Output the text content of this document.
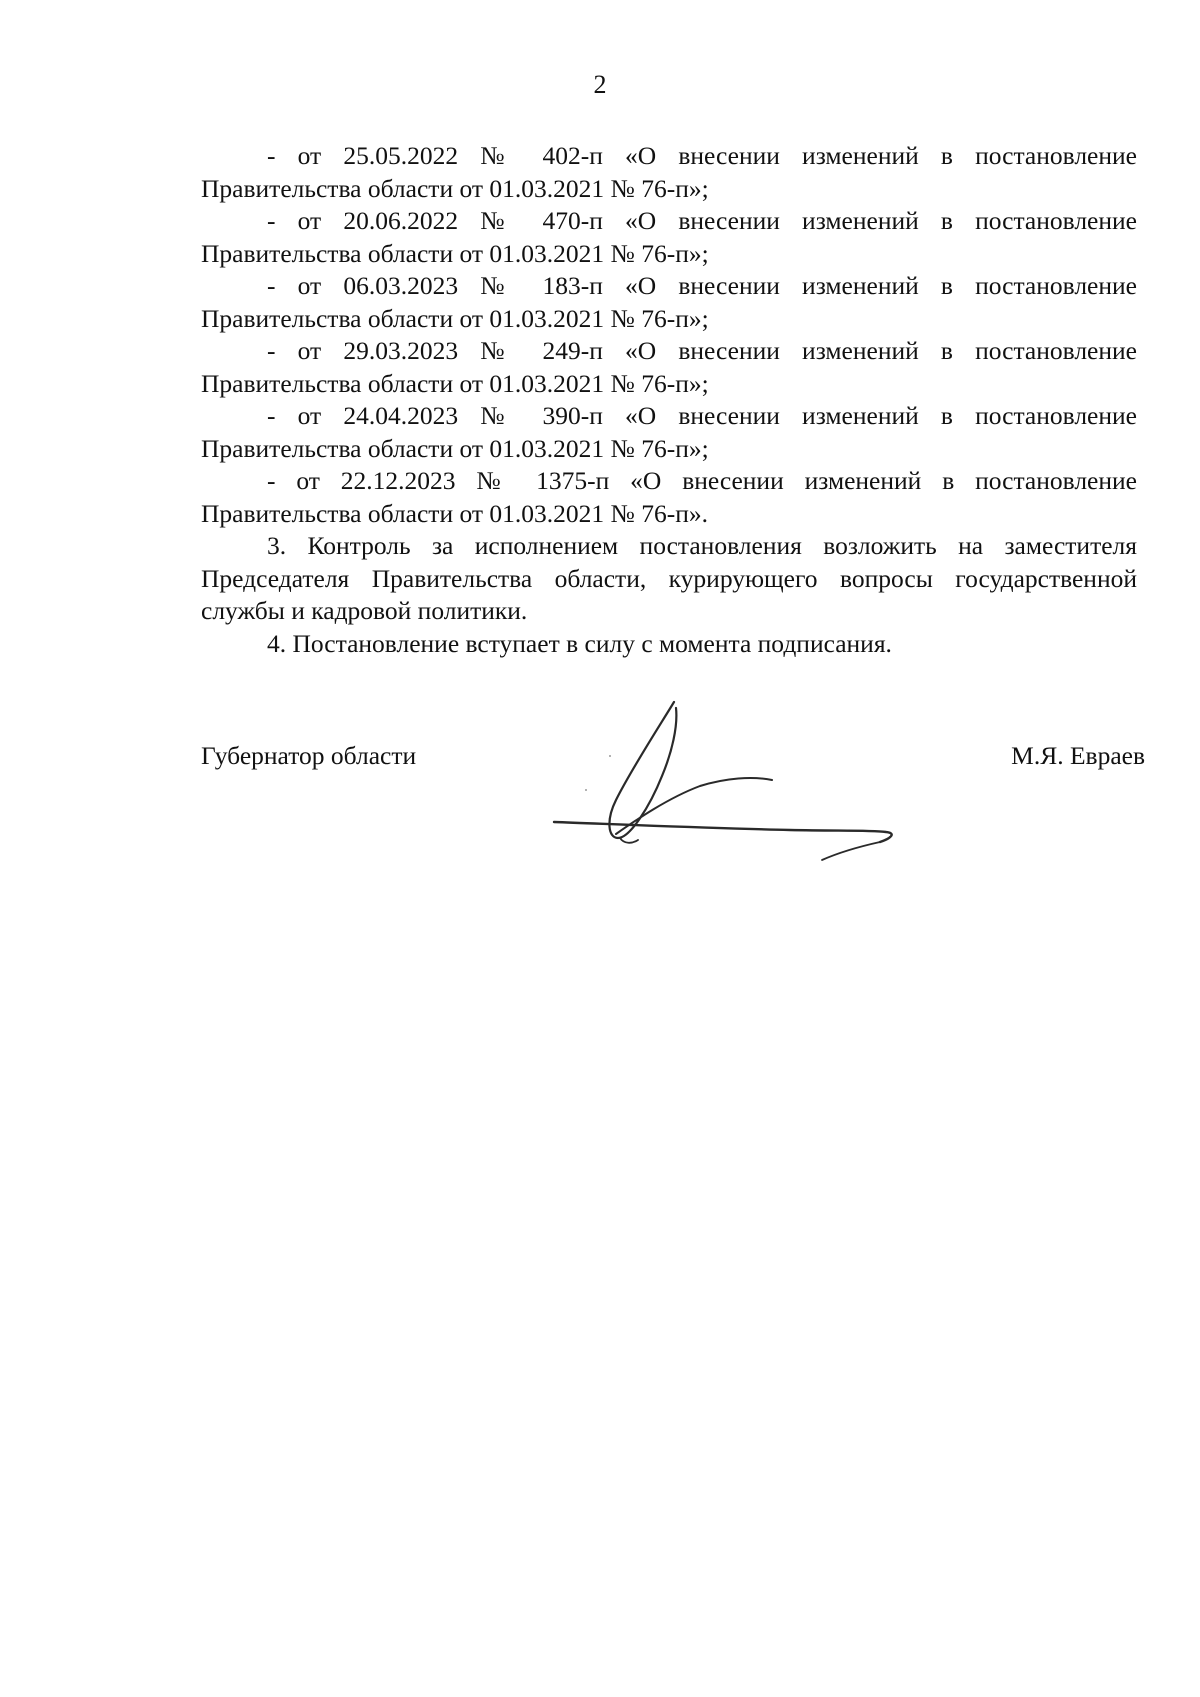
2

- от 25.05.2022 № 402-п «О внесении изменений в постановление Правительства области от 01.03.2021 № 76-п»;

- от 20.06.2022 № 470-п «О внесении изменений в постановление Правительства области от 01.03.2021 № 76-п»;

- от 06.03.2023 № 183-п «О внесении изменений в постановление Правительства области от 01.03.2021 № 76-п»;

- от 29.03.2023 № 249-п «О внесении изменений в постановление Правительства области от 01.03.2021 № 76-п»;

- от 24.04.2023 № 390-п «О внесении изменений в постановление Правительства области от 01.03.2021 № 76-п»;

- от 22.12.2023 № 1375-п «О внесении изменений в постановление Правительства области от 01.03.2021 № 76-п».

3. Контроль за исполнением постановления возложить на заместителя Председателя Правительства области, курирующего вопросы государственной службы и кадровой политики.

4. Постановление вступает в силу с момента подписания.

Губернатор области	М.Я. Евраев
